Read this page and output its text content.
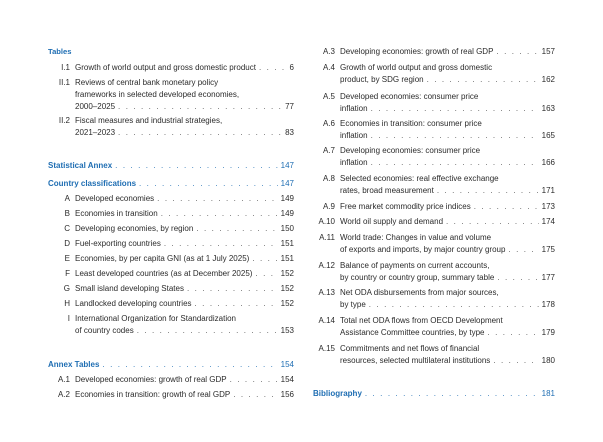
Tables
I.1 Growth of world output and gross domestic product . . .	6
II.1 Reviews of central bank monetary policy
frameworks in selected developed economies,
2000–2025 . . .	77
II.2 Fiscal measures and industrial strategies,
2021–2023 . . .	83
Statistical Annex . . .	147
Country classifications . . .	147
A Developed economies . . .	149
B Economies in transition . . .	149
C Developing economies, by region . . .	150
D Fuel-exporting countries . . .	151
E Economies, by per capita GNI (as at 1 July 2025) . . .	151
F Least developed countries (as at December 2025) . . .	152
G Small island developing States . . .	152
H Landlocked developing countries . . .	152
I International Organization for Standardization
of country codes . . .	153
Annex Tables . . .	154
A.1 Developed economies: growth of real GDP . . .	154
A.2 Economies in transition: growth of real GDP . . .	156
A.3 Developing economies: growth of real GDP . . .	157
A.4 Growth of world output and gross domestic
product, by SDG region . . .	162
A.5 Developed economies: consumer price
inflation . . .	163
A.6 Economies in transition: consumer price
inflation . . .	165
A.7 Developing economies: consumer price
inflation . . .	166
A.8 Selected economies: real effective exchange
rates, broad measurement . . .	171
A.9 Free market commodity price indices . . .	173
A.10 World oil supply and demand . . .	174
A.11 World trade: Changes in value and volume
of exports and imports, by major country group . . .	175
A.12 Balance of payments on current accounts,
by country or country group, summary table . . .	177
A.13 Net ODA disbursements from major sources,
by type . . .	178
A.14 Total net ODA flows from OECD Development
Assistance Committee countries, by type . . .	179
A.15 Commitments and net flows of financial
resources, selected multilateral institutions . . .	180
Bibliography . . .	181
